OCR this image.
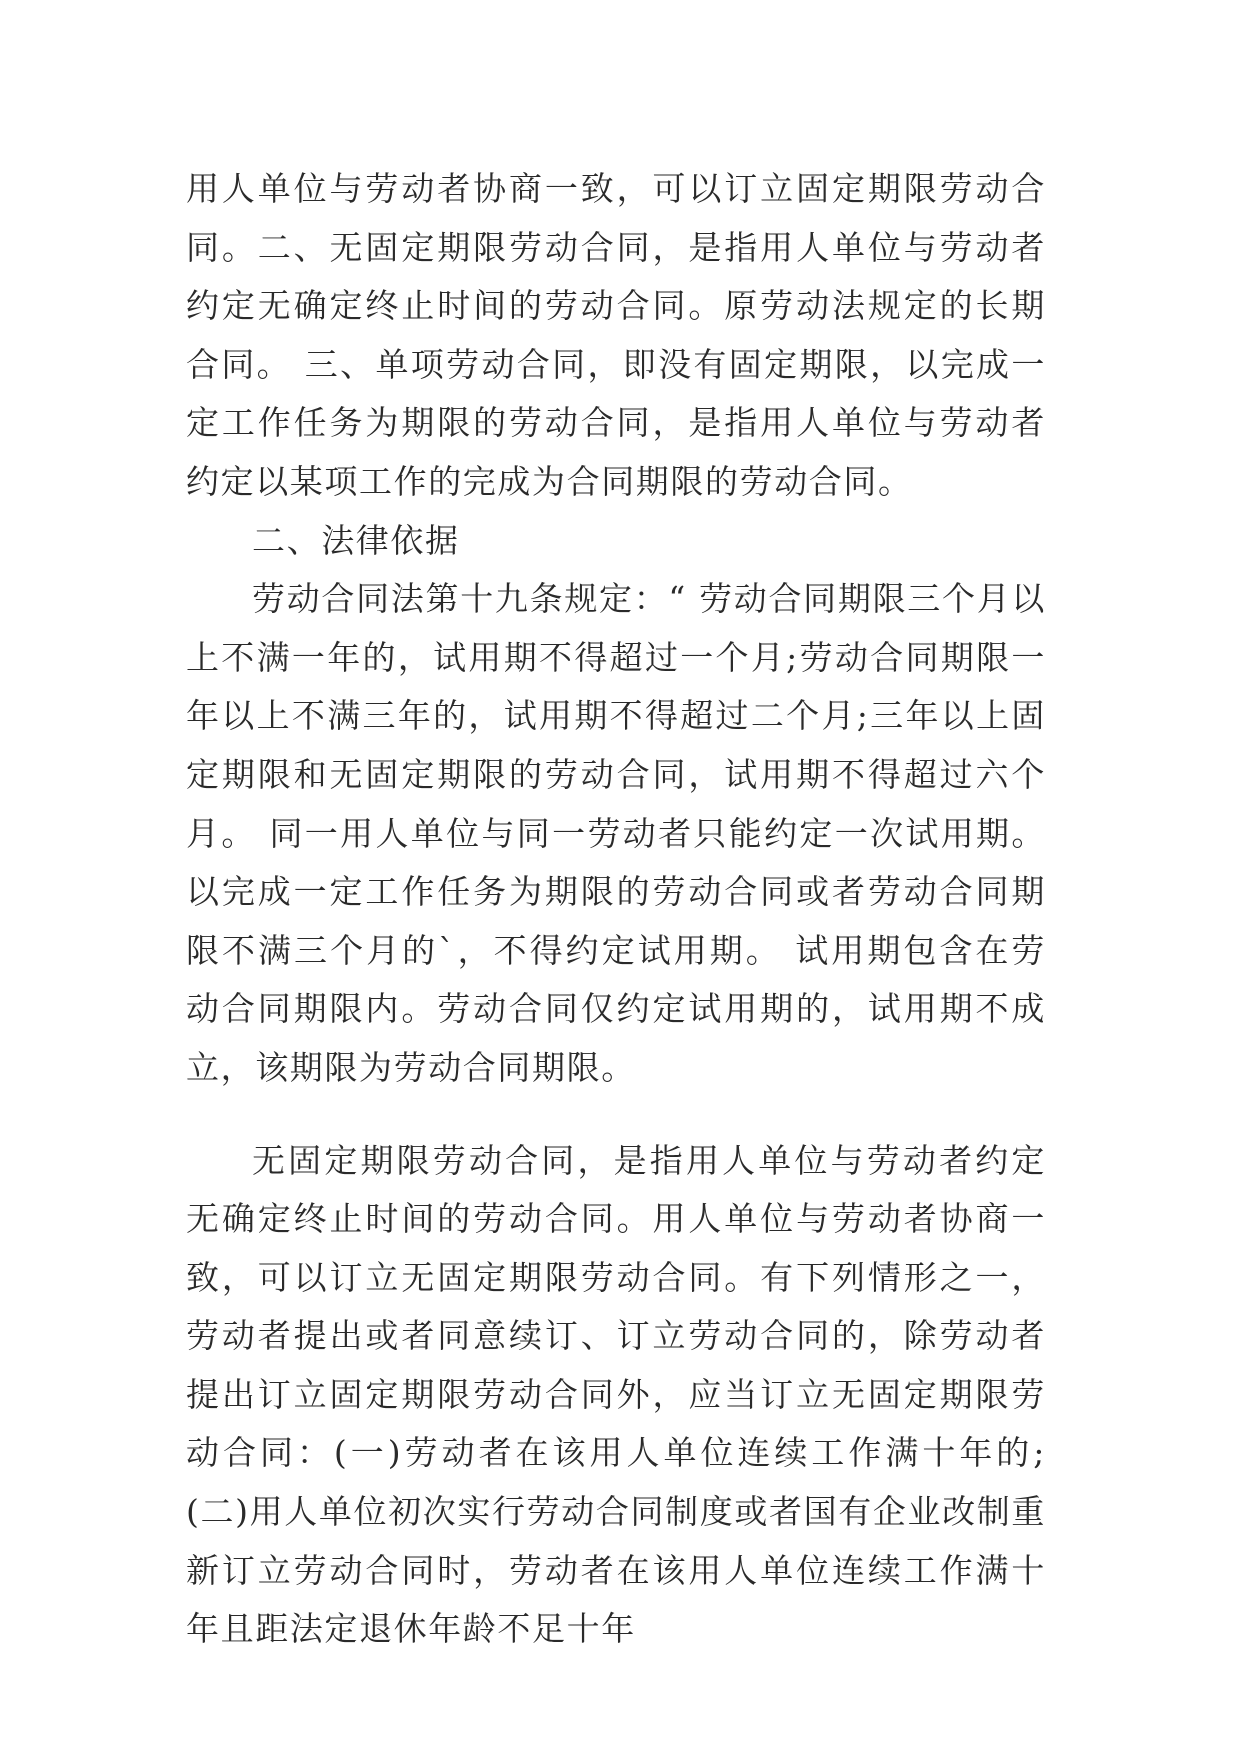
用人单位与劳动者协商一致，可以订立固定期限劳动合同。二、无固定期限劳动合同，是指用人单位与劳动者约定无确定终止时间的劳动合同。原劳动法规定的长期合同。 三、单项劳动合同，即没有固定期限，以完成一定工作任务为期限的劳动合同，是指用人单位与劳动者约定以某项工作的完成为合同期限的劳动合同。

二、法律依据

劳动合同法第十九条规定：“ 劳动合同期限三个月以上不满一年的，试用期不得超过一个月;劳动合同期限一年以上不满三年的，试用期不得超过二个月;三年以上固定期限和无固定期限的劳动合同，试用期不得超过六个月。 同一用人单位与同一劳动者只能约定一次试用期。 以完成一定工作任务为期限的劳动合同或者劳动合同期限不满三个月的`，不得约定试用期。 试用期包含在劳动合同期限内。劳动合同仅约定试用期的，试用期不成立，该期限为劳动合同期限。

无固定期限劳动合同，是指用人单位与劳动者约定无确定终止时间的劳动合同。用人单位与劳动者协商一致，可以订立无固定期限劳动合同。有下列情形之一，劳动者提出或者同意续订、订立劳动合同的，除劳动者提出订立固定期限劳动合同外，应当订立无固定期限劳动合同：(一)劳动者在该用人单位连续工作满十年的;(二)用人单位初次实行劳动合同制度或者国有企业改制重新订立劳动合同时，劳动者在该用人单位连续工作满十年且距法定退休年龄不足十年
